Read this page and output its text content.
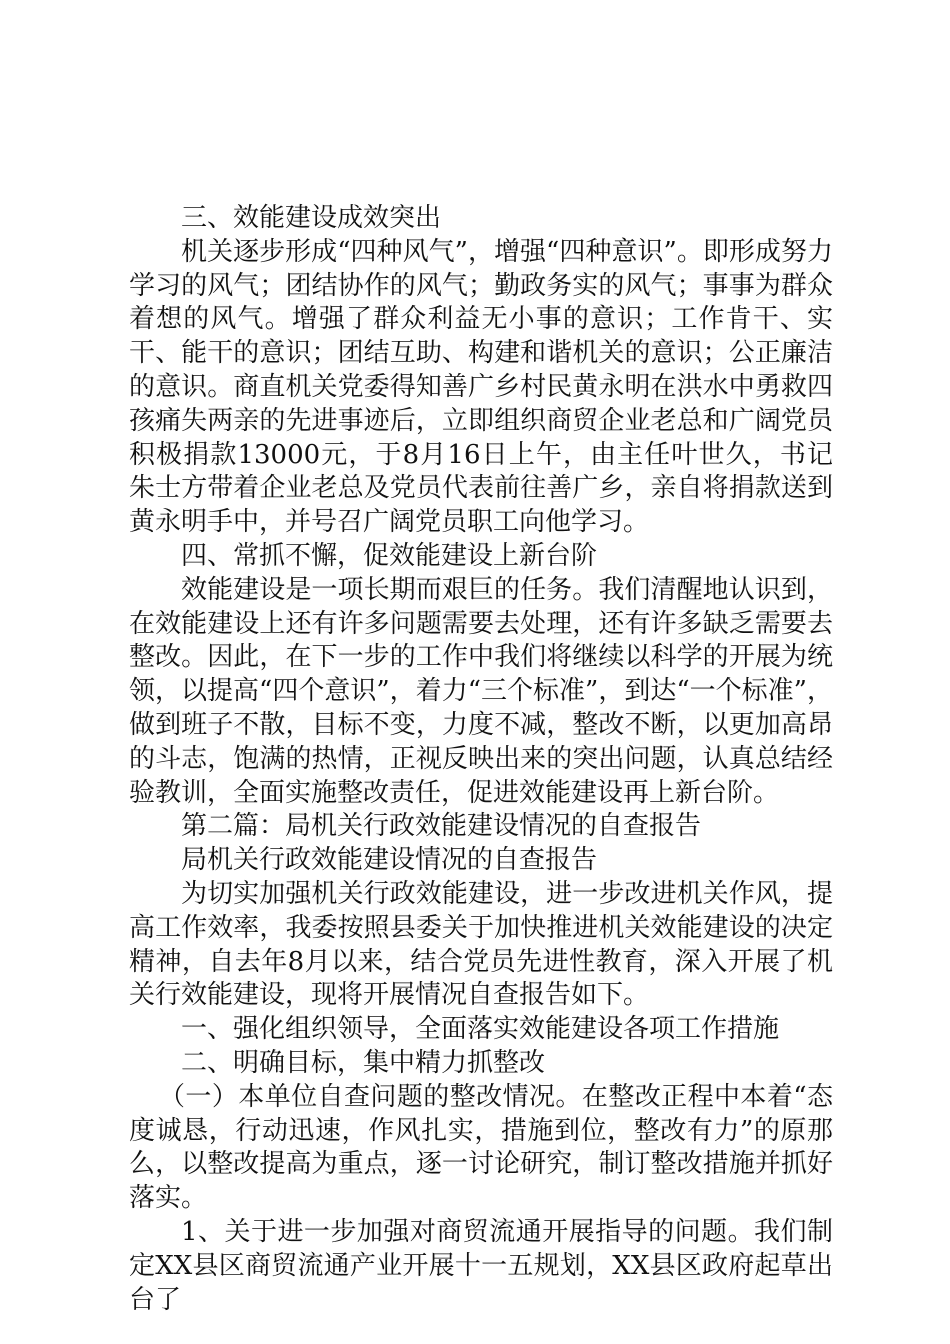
三、效能建设成效突出

机关逐步形成“四种风气”，增强“四种意识”。即形成努力学习的风气；团结协作的风气；勤政务实的风气；事事为群众着想的风气。增强了群众利益无小事的意识；工作肯干、实干、能干的意识；团结互助、构建和谐机关的意识；公正廉洁的意识。商直机关党委得知善广乡村民黄永明在洪水中勇救四孩痛失两亲的先进事迹后，立即组织商贸企业老总和广阔党员积极捐款13000元，于8月16日上午，由主任叶世久，书记朱士方带着企业老总及党员代表前往善广乡，亲自将捐款送到黄永明手中，并号召广阔党员职工向他学习。

四、常抓不懈，促效能建设上新台阶

效能建设是一项长期而艰巨的任务。我们清醒地认识到，在效能建设上还有许多问题需要去处理，还有许多缺乏需要去整改。因此，在下一步的工作中我们将继续以科学的开展为统领，以提高“四个意识”，着力“三个标准”，到达“一个标准”，做到班子不散，目标不变，力度不减，整改不断，以更加高昂的斗志，饱满的热情，正视反映出来的突出问题，认真总结经验教训，全面实施整改责任，促进效能建设再上新台阶。

第二篇：局机关行政效能建设情况的自查报告

局机关行政效能建设情况的自查报告

为切实加强机关行政效能建设，进一步改进机关作风，提高工作效率，我委按照县委关于加快推进机关效能建设的决定精神，自去年8月以来，结合党员先进性教育，深入开展了机关行效能建设，现将开展情况自查报告如下。

一、强化组织领导，全面落实效能建设各项工作措施

二、明确目标，集中精力抓整改

（一）本单位自查问题的整改情况。在整改正程中本着“态度诚恳，行动迅速，作风扎实，措施到位，整改有力”的原那么，以整改提高为重点，逐一讨论研究，制订整改措施并抓好落实。

1、关于进一步加强对商贸流通开展指导的问题。我们制定XX县区商贸流通产业开展十一五规划，XX县区政府起草出台了
